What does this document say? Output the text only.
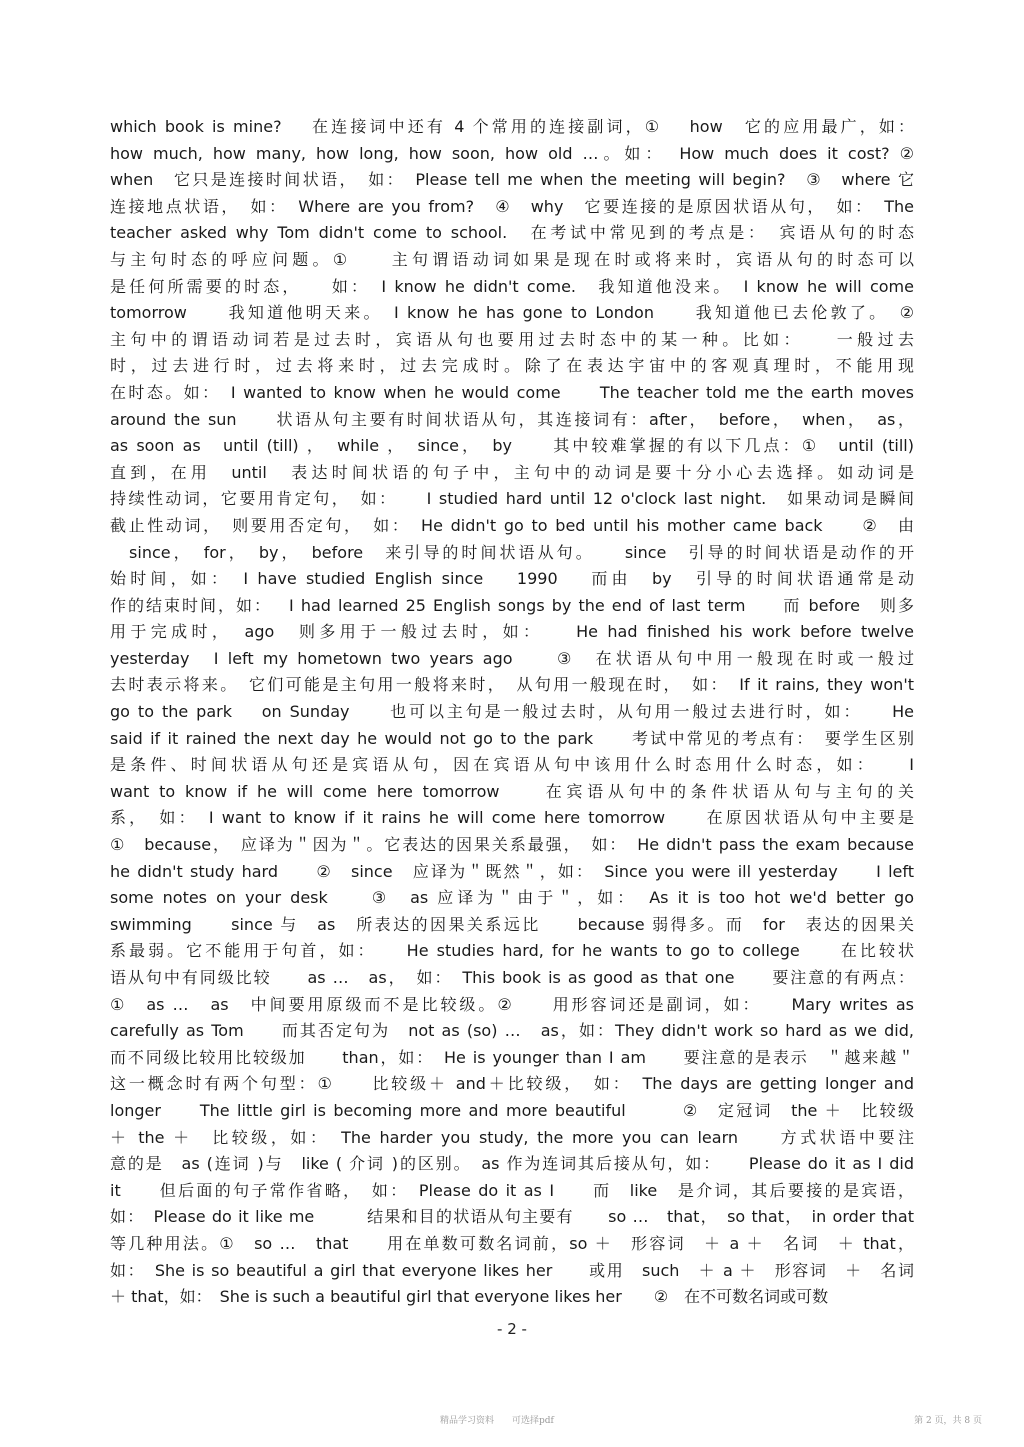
which book is mine?　 在连接词中还有 4 个常用的连接副词，①　 how　它的应用最广，如：
how much, how many, how long, how soon, how old …。如：　How much does it cost? ②
when　它只是连接时间状语，　如：　Please tell me when the meeting will begin?　③　where 它
连接地点状语，　如：　Where are you from?　④　why　它要连接的是原因状语从句，　如：　The
teacher asked why Tom didn't come to school.　在考试中常见到的考点是：　宾语从句的时态
与主句时态的呼应问题。①　　主句谓语动词如果是现在时或将来时，宾语从句的时态可以
是任何所需要的时态，　　如：　I know he didn't come.　我知道他没来。　I know he will come
tomorrow　　我知道他明天来。　I know he has gone to London　　我知道他已去伦敦了。　②
主句中的谓语动词若是过去时，宾语从句也要用过去时态中的某一种。比如：　　一般过去
时，过去进行时，过去将来时，过去完成时。除了在表达宇宙中的客观真理时，不能用现
在时态。如：　I wanted to know when he would come　　The teacher told me the earth moves
around the sun　　状语从句主要有时间状语从句，其连接词有：after，　before，　when，　as，
as soon as　until (till) ，　while ，　since，　by　　其中较难掌握的有以下几点：①　until (till)
直到，在用　until　表达时间状语的句子中，主句中的动词是要十分小心去选择。如动词是
持续性动词，它要用肯定句，　如：　　I studied hard until 12 o'clock last night.　如果动词是瞬间
截止性动词，　则要用否定句，　如：　He didn't go to bed until his mother came back　　②　由
　since，　for，　by，　before　来引导的时间状语从句。　　since　引导的时间状语是动作的开
始时间，如：　I have studied English since　 1990　 而由　by　引导的时间状语通常是动
作的结束时间，如：　 I had learned 25 English songs by the end of last term　　而 before　则多
用于完成时，　ago　则多用于一般过去时，如：　　He had finished his work before twelve
yesterday　I left my hometown two years ago　　③　在状语从句中用一般现在时或一般过
去时表示将来。　它们可能是主句用一般将来时，　从句用一般现在时，　如：　If it rains, they won't
go to the park　 on Sunday　　也可以主句是一般过去时，从句用一般过去进行时，如：　　He
said if it rained the next day he would not go to the park　　考试中常见的考点有：　要学生区别
是条件、时间状语从句还是宾语从句，因在宾语从句中该用什么时态用什么时态，如：　　I
want to know if he will come here tomorrow　　在宾语从句中的条件状语从句与主句的关
系，　如：　I want to know if it rains he will come here tomorrow　　在原因状语从句中主要是
①　because，　应译为＂因为＂。它表达的因果关系最强，　如：　He didn't pass the exam because
he didn't study hard　　②　since　应译为＂既然＂，如：　Since you were ill yesterday　　I left
some notes on your desk　　③　as 应译为＂由于＂，如：　As it is too hot we'd better go
swimming　　since 与　as　所表达的因果关系远比　　because 弱得多。而　for　表达的因果关
系最弱。它不能用于句首，如：　　He studies hard, for he wants to go to college　　在比较状
语从句中有同级比较　　as …　as，　如：　This book is as good as that one　　要注意的有两点：
①　as …　as　中间要用原级而不是比较级。②　　用形容词还是副词，如：　　Mary writes as
carefully as Tom　　而其否定句为　not as (so) …　as，如：They didn't work so hard as we did,
而不同级比较用比较级加　　than，如：　He is younger than I am　　要注意的是表示　＂越来越＂
这一概念时有两个句型：①　　比较级＋ and＋比较级，　如：　The days are getting longer and
longer　　The little girl is becoming more and more beautiful　　　②　定冠词　the ＋　比较级
＋ the ＋　比较级，如：　The harder you study, the more you can learn　　方式状语中要注
意的是　as (连词 )与　like ( 介词 )的区别。　as 作为连词其后接从句，如：　　Please do it as I did
it　　但后面的句子常作省略，　如：　Please do it as I　　而　like　是介词，其后要接的是宾语，
如：　Please do it like me　　　结果和目的状语从句主要有　　so …　that，　so that，　in order that
等几种用法。①　so …　that　　用在单数可数名词前，so ＋　形容词　＋ a ＋　名词　＋ that，
如：　She is so beautiful a girl that everyone likes her　　或用　such　＋ a ＋　形容词　＋　名词
＋ that，如：　She is such a beautiful girl that everyone likes her　　②　在不可数名词或可数
- 2 -
精品学习资料　　可选择pdf	第 2 页，共 8 页
